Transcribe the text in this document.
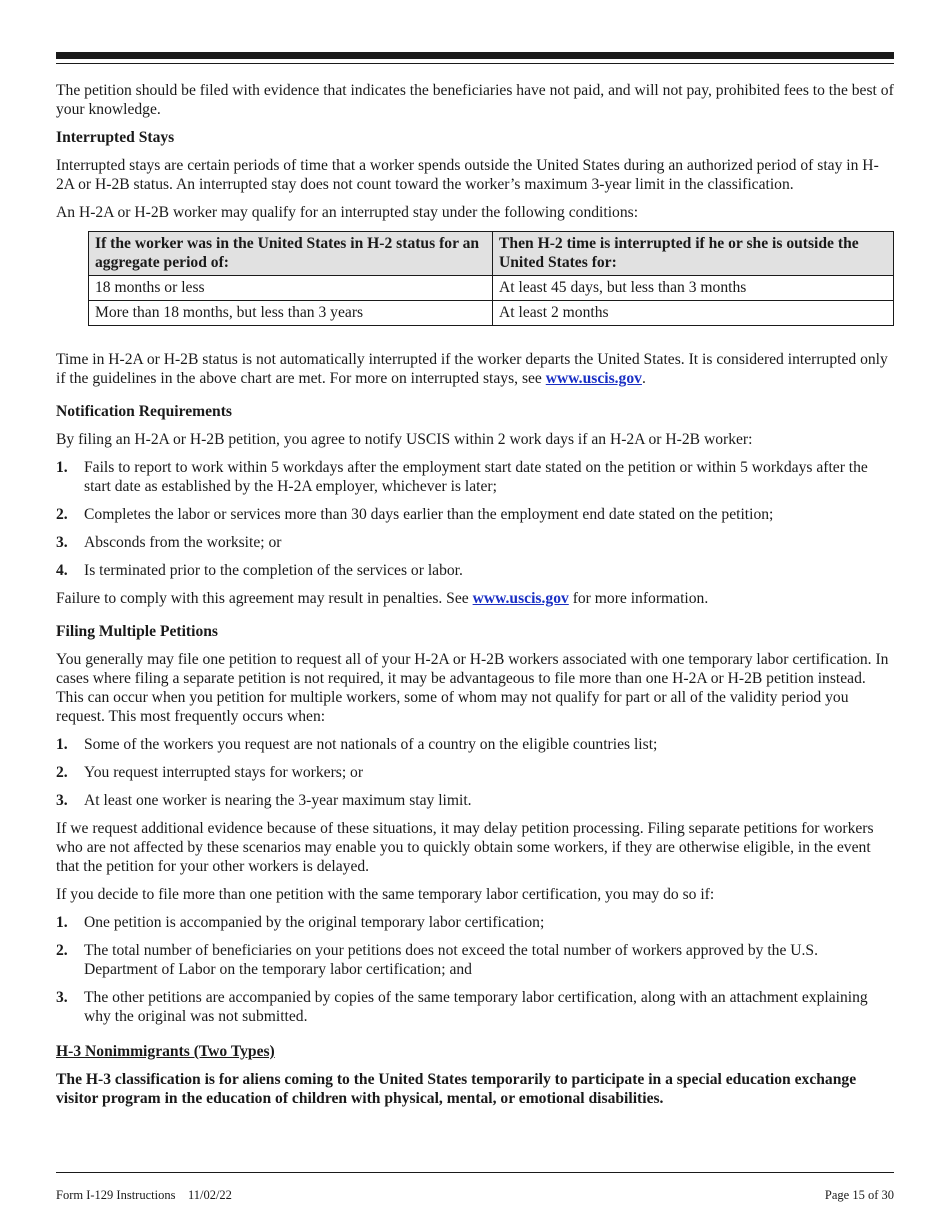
The petition should be filed with evidence that indicates the beneficiaries have not paid, and will not pay, prohibited fees to the best of your knowledge.

Interrupted Stays

Interrupted stays are certain periods of time that a worker spends outside the United States during an authorized period of stay in H-2A or H-2B status. An interrupted stay does not count toward the worker’s maximum 3-year limit in the classification.

An H-2A or H-2B worker may qualify for an interrupted stay under the following conditions:

If the worker was in the United States in H-2 status for an aggregate period of:	Then H-2 time is interrupted if he or she is outside the United States for:
18 months or less	At least 45 days, but less than 3 months
More than 18 months, but less than 3 years	At least 2 months

Time in H-2A or H-2B status is not automatically interrupted if the worker departs the United States. It is considered interrupted only if the guidelines in the above chart are met. For more on interrupted stays, see www.uscis.gov.

Notification Requirements

By filing an H-2A or H-2B petition, you agree to notify USCIS within 2 work days if an H-2A or H-2B worker:

1.	Fails to report to work within 5 workdays after the employment start date stated on the petition or within 5 workdays after the start date as established by the H-2A employer, whichever is later;
2.	Completes the labor or services more than 30 days earlier than the employment end date stated on the petition;
3.	Absconds from the worksite; or
4.	Is terminated prior to the completion of the services or labor.

Failure to comply with this agreement may result in penalties. See www.uscis.gov for more information.

Filing Multiple Petitions

You generally may file one petition to request all of your H-2A or H-2B workers associated with one temporary labor certification. In cases where filing a separate petition is not required, it may be advantageous to file more than one H-2A or H-2B petition instead. This can occur when you petition for multiple workers, some of whom may not qualify for part or all of the validity period you request. This most frequently occurs when:

1.	Some of the workers you request are not nationals of a country on the eligible countries list;
2.	You request interrupted stays for workers; or
3.	At least one worker is nearing the 3-year maximum stay limit.

If we request additional evidence because of these situations, it may delay petition processing. Filing separate petitions for workers who are not affected by these scenarios may enable you to quickly obtain some workers, if they are otherwise eligible, in the event that the petition for your other workers is delayed.

If you decide to file more than one petition with the same temporary labor certification, you may do so if:

1.	One petition is accompanied by the original temporary labor certification;
2.	The total number of beneficiaries on your petitions does not exceed the total number of workers approved by the U.S. Department of Labor on the temporary labor certification; and
3.	The other petitions are accompanied by copies of the same temporary labor certification, along with an attachment explaining why the original was not submitted.
H-3 Nonimmigrants (Two Types)

The H-3 classification is for aliens coming to the United States temporarily to participate in a special education exchange visitor program in the education of children with physical, mental, or emotional disabilities.

Form I-129 Instructions 11/02/22	Page 15 of 30
